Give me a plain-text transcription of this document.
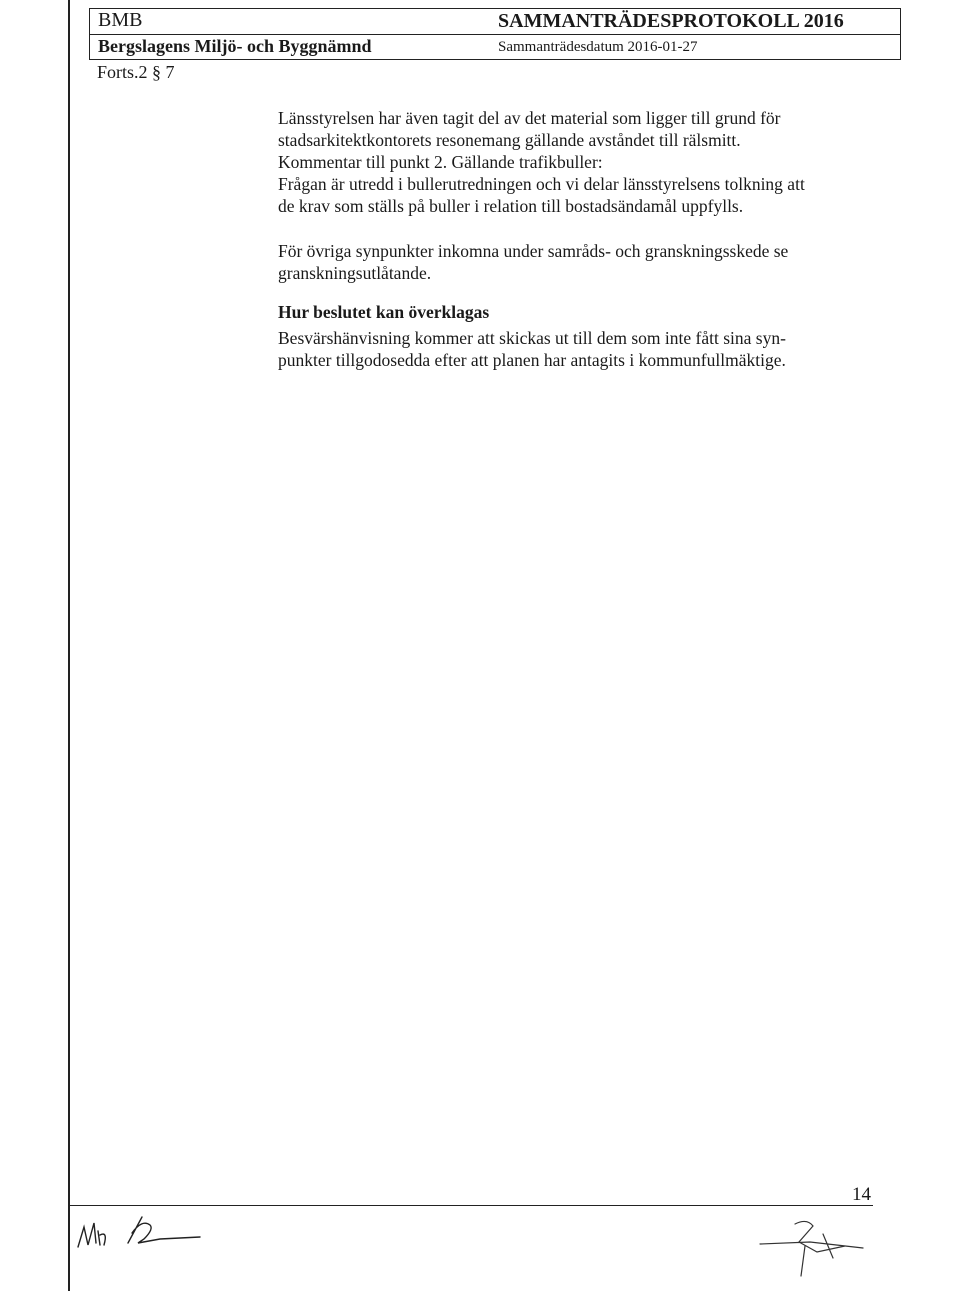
BMB	SAMMANTRÄDESPROTOKOLL 2016
Bergslagens Miljö- och Byggnämnd	Sammanträdesdatum 2016-01-27
Forts.2 § 7
Länsstyrelsen har även tagit del av det material som ligger till grund för
stadsarkitektkontorets resonemang gällande avståndet till rälsmitt.
Kommentar till punkt 2. Gällande trafikbuller:
Frågan är utredd i bullerutredningen och vi delar länsstyrelsens tolkning att
de krav som ställs på buller i relation till bostadsändamål uppfylls.
För övriga synpunkter inkomna under samråds- och granskningsskede se
granskningsutlåtande.
Hur beslutet kan överklagas
Besvärshänvisning kommer att skickas ut till dem som inte fått sina syn-
punkter tillgodosedda efter att planen har antagits i kommunfullmäktige.
14
